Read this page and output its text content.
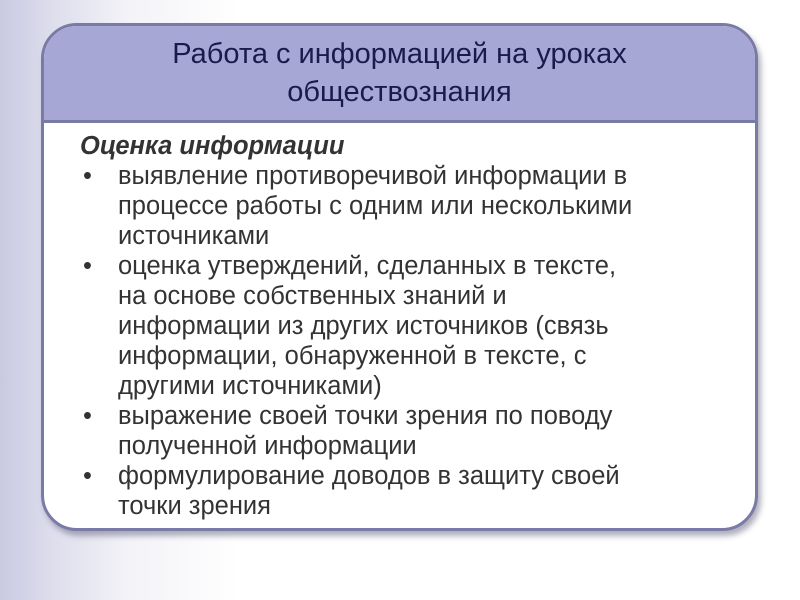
Работа с информацией на уроках
обществознания

Оценка информации

• выявление противоречивой информации в
процессе работы с одним или несколькими
источниками
• оценка утверждений, сделанных в тексте,
на основе собственных знаний и
информации из других источников (связь
информации, обнаруженной в тексте, с
другими источниками)
• выражение своей точки зрения по поводу
полученной информации
• формулирование доводов в защиту своей
точки зрения
